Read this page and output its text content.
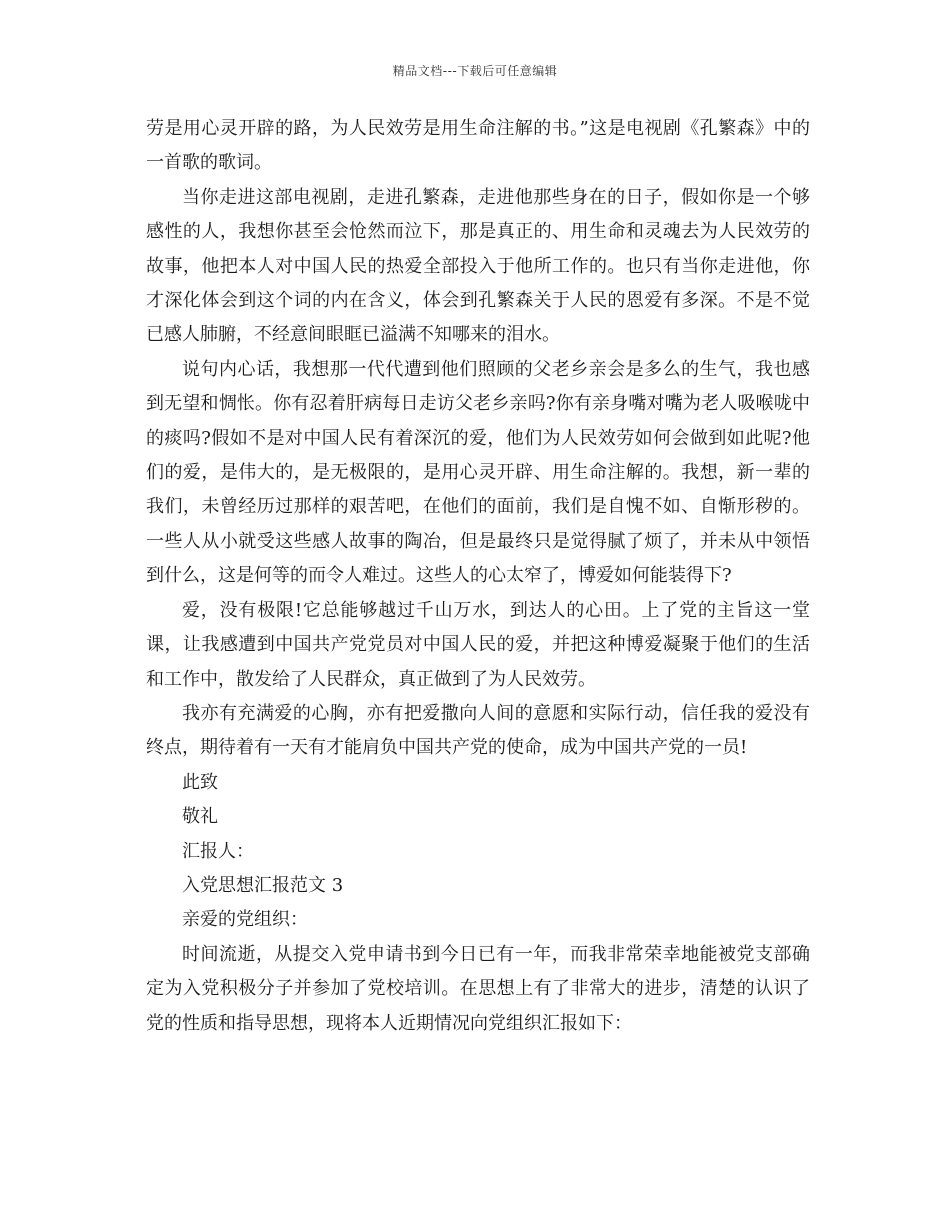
精品文档---下载后可任意编辑

劳是用心灵开辟的路，为人民效劳是用生命注解的书。”这是电视剧《孔繁森》中的一首歌的歌词。

当你走进这部电视剧，走进孔繁森，走进他那些身在的日子，假如你是一个够感性的人，我想你甚至会怆然而泣下，那是真正的、用生命和灵魂去为人民效劳的故事，他把本人对中国人民的热爱全部投入于他所工作的。也只有当你走进他，你才深化体会到这个词的内在含义，体会到孔繁森关于人民的恩爱有多深。不是不觉已感人肺腑，不经意间眼眶已溢满不知哪来的泪水。

说句内心话，我想那一代代遭到他们照顾的父老乡亲会是多么的生气，我也感到无望和惆怅。你有忍着肝病每日走访父老乡亲吗?你有亲身嘴对嘴为老人吸喉咙中的痰吗?假如不是对中国人民有着深沉的爱，他们为人民效劳如何会做到如此呢?他们的爱，是伟大的，是无极限的，是用心灵开辟、用生命注解的。我想，新一辈的我们，未曾经历过那样的艰苦吧，在他们的面前，我们是自愧不如、自惭形秽的。一些人从小就受这些感人故事的陶冶，但是最终只是觉得腻了烦了，并未从中领悟到什么，这是何等的而令人难过。这些人的心太窄了，博爱如何能装得下?

爱，没有极限!它总能够越过千山万水，到达人的心田。上了党的主旨这一堂课，让我感遭到中国共产党党员对中国人民的爱，并把这种博爱凝聚于他们的生活和工作中，散发给了人民群众，真正做到了为人民效劳。

我亦有充满爱的心胸，亦有把爱撒向人间的意愿和实际行动，信任我的爱没有终点，期待着有一天有才能肩负中国共产党的使命，成为中国共产党的一员!

此致

敬礼

汇报人：

入党思想汇报范文 3

亲爱的党组织：

时间流逝，从提交入党申请书到今日已有一年，而我非常荣幸地能被党支部确定为入党积极分子并参加了党校培训。在思想上有了非常大的进步，清楚的认识了党的性质和指导思想，现将本人近期情况向党组织汇报如下：
